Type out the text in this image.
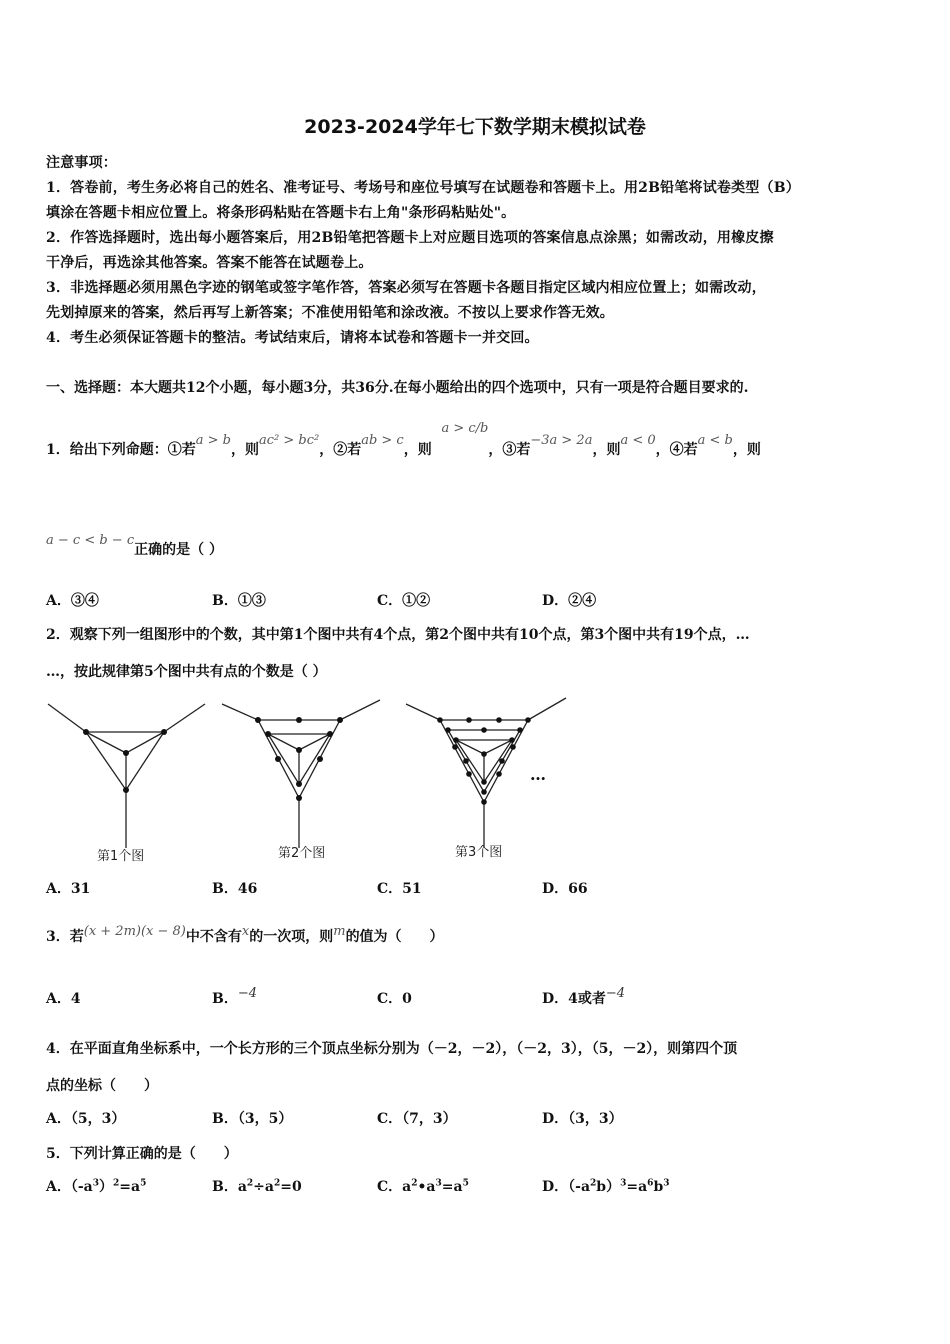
2023-2024学年七下数学期末模拟试卷
注意事项：
1．答卷前，考生务必将自己的姓名、准考证号、考场号和座位号填写在试题卷和答题卡上。用2B铅笔将试卷类型（B）
填涂在答题卡相应位置上。将条形码粘贴在答题卡右上角"条形码粘贴处"。
2．作答选择题时，选出每小题答案后，用2B铅笔把答题卡上对应题目选项的答案信息点涂黑；如需改动，用橡皮擦
干净后，再选涂其他答案。答案不能答在试题卷上。
3．非选择题必须用黑色字迹的钢笔或签字笔作答，答案必须写在答题卡各题目指定区域内相应位置上；如需改动，
先划掉原来的答案，然后再写上新答案；不准使用铅笔和涂改液。不按以上要求作答无效。
4．考生必须保证答题卡的整洁。考试结束后，请将本试卷和答题卡一并交回。
一、选择题：本大题共12个小题，每小题3分，共36分.在每小题给出的四个选项中，只有一项是符合题目要求的.
1．给出下列命题：①若a > b，则ac² > bc²，②若ab > c，则  a > c/b，③若−3a > 2a，则a < 0，④若a < b，则
a − c < b − c正确的是（ ）
A．③④	B．①③	C．①②	D．②④
2．观察下列一组图形中的个数，其中第1个图中共有4个点，第2个图中共有10个点，第3个图中共有19个点，…
…，按此规律第5个图中共有点的个数是（ ）
第1个图	第2个图
…
第3个图
A．31	B．46	C．51	D．66
3．若(x + 2m)(x − 8)中不含有x的一次项，则m的值为（　　）
A．4	B．−4	C．0	D．4或者−4
4．在平面直角坐标系中，一个长方形的三个顶点坐标分别为（－2，－2），（－2，3），（5，－2），则第四个顶
点的坐标（　　）
A．（5，3）	B．（3，5）	C．（7，3）	D．（3，3）
5．下列计算正确的是（　　）
A．$(-a^3)^2=a^5$	B．$a^2\div a^2=0$	C．$a^2•a^3=a^5$	D．$(-a^2b)^3=a^6b^3$
